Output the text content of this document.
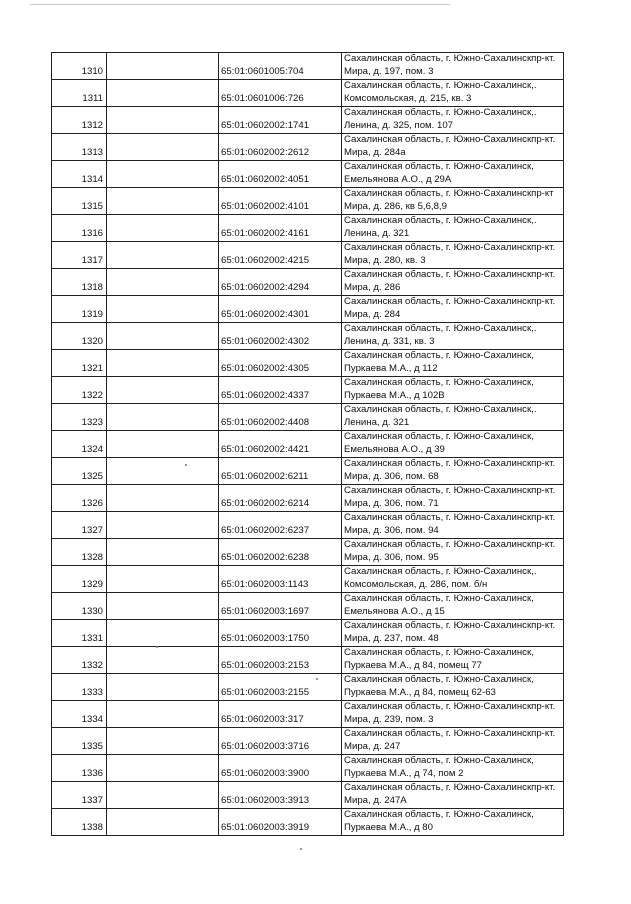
1310		65:01:0601005:704	Сахалинская область, г. Южно-Сахалинскпр-кт.
Мира, д. 197, пом. 3

1311		65:01:0601006:726	Сахалинская область, г. Южно-Сахалинск,.
Комсомольская, д. 215, кв. 3

1312		65:01:0602002:1741	Сахалинская область, г. Южно-Сахалинск,.
Ленина, д. 325, пом. 107

1313		65:01:0602002:2612	Сахалинская область, г. Южно-Сахалинскпр-кт.
Мира, д. 284а

1314		65:01:0602002:4051	Сахалинская область, г. Южно-Сахалинск,
Емельянова А.О., д 29А

1315		65:01:0602002:4101	Сахалинская область, г. Южно-Сахалинскпр-кт
Мира, д. 286, кв 5,6,8,9

1316		65:01:0602002:4161	Сахалинская область, г. Южно-Сахалинск,.
Ленина, д. 321

1317		65:01:0602002:4215	Сахалинская область, г. Южно-Сахалинскпр-кт.
Мира, д. 280, кв. 3

1318		65:01:0602002:4294	Сахалинская область, г. Южно-Сахалинскпр-кт.
Мира, д. 286

1319		65:01:0602002:4301	Сахалинская область, г. Южно-Сахалинскпр-кт.
Мира, д. 284

1320		65:01:0602002:4302	Сахалинская область, г. Южно-Сахалинск,.
Ленина, д. 331, кв. 3

1321		65:01:0602002:4305	Сахалинская область, г. Южно-Сахалинск,
Пуркаева М.А., д 112

1322		65:01:0602002:4337	Сахалинская область, г. Южно-Сахалинск,
Пуркаева М.А., д 102В

1323		65:01:0602002:4408	Сахалинская область, г. Южно-Сахалинск,.
Ленина, д. 321

1324		65:01:0602002:4421	Сахалинская область, г. Южно-Сахалинск,
Емельянова А.О., д 39

1325		65:01:0602002:6211	Сахалинская область, г. Южно-Сахалинскпр-кт.
Мира, д. 306, пом. 68

1326		65:01:0602002:6214	Сахалинская область, г. Южно-Сахалинскпр-кт.
Мира, д. 306, пом. 71

1327		65:01:0602002:6237	Сахалинская область, г. Южно-Сахалинскпр-кт.
Мира, д. 306, пом. 94

1328		65:01:0602002:6238	Сахалинская область, г. Южно-Сахалинскпр-кт.
Мира, д. 306, пом. 95

1329		65:01:0602003:1143	Сахалинская область, г. Южно-Сахалинск,.
Комсомольская, д. 286, пом. б/н

1330		65:01:0602003:1697	Сахалинская область, г. Южно-Сахалинск,
Емельянова А.О., д 15

1331		65:01:0602003:1750	Сахалинская область, г. Южно-Сахалинскпр-кт.
Мира, д. 237, пом. 48

1332		65:01:0602003:2153	Сахалинская область, г. Южно-Сахалинск,
Пуркаева М.А., д 84, помещ 77

1333		65:01:0602003:2155	Сахалинская область, г. Южно-Сахалинск,
Пуркаева М.А., д 84, помещ 62-63

1334		65:01:0602003:317	Сахалинская область, г. Южно-Сахалинскпр-кт.
Мира, д. 239, пом. 3

1335		65:01:0602003:3716	Сахалинская область, г. Южно-Сахалинскпр-кт.
Мира, д. 247

1336		65:01:0602003:3900	Сахалинская область, г. Южно-Сахалинск,
Пуркаева М.А., д 74, пом 2

1337		65:01:0602003:3913	Сахалинская область, г. Южно-Сахалинскпр-кт.
Мира, д. 247А

1338		65:01:0602003:3919	Сахалинская область, г. Южно-Сахалинск,
Пуркаева М.А., д 80
